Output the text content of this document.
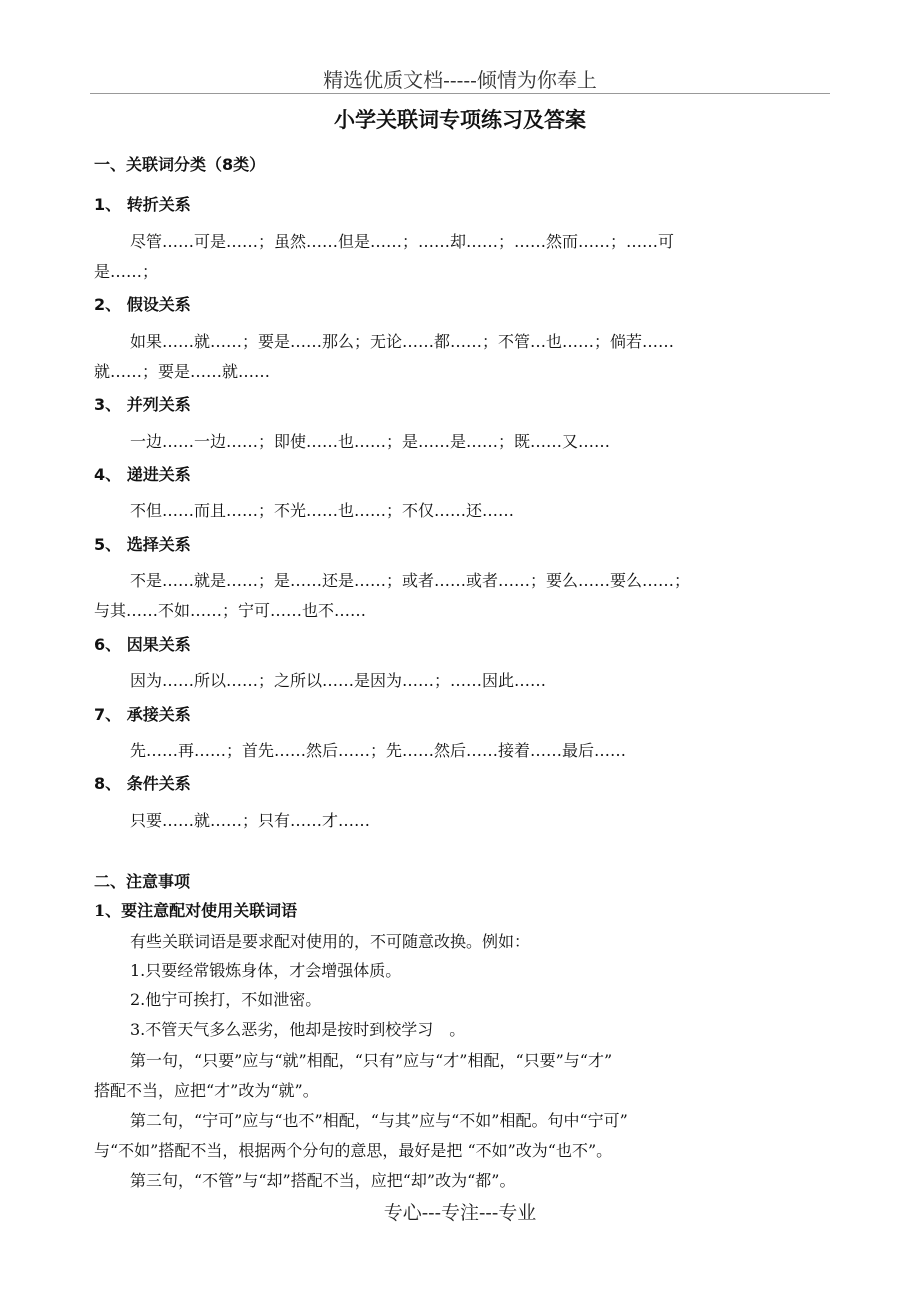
精选优质文档-----倾情为你奉上
小学关联词专项练习及答案
一、关联词分类（8类）
1、 转折关系
尽管……可是……；虽然……但是……；……却……；……然而……；……可
是……；
2、 假设关系
如果……就……；要是……那么；无论……都……；不管…也……；倘若……
就……；要是……就……
3、 并列关系
一边……一边……；即使……也……；是……是……；既……又……
4、 递进关系
不但……而且……；不光……也……；不仅……还……
5、 选择关系
不是……就是……；是……还是……；或者……或者……；要么……要么……；
与其……不如……；宁可……也不……
6、 因果关系
因为……所以……；之所以……是因为……；……因此……
7、 承接关系
先……再……；首先……然后……；先……然后……接着……最后……
8、 条件关系
只要……就……；只有……才……
二、注意事项
1、要注意配对使用关联词语
有些关联词语是要求配对使用的，不可随意改换。例如：
1.只要经常锻炼身体，才会增强体质。
2.他宁可挨打，不如泄密。
3.不管天气多么恶劣，他却是按时到校学习　。
第一句，“只要”应与“就”相配，“只有”应与“才”相配，“只要”与“才”
搭配不当，应把“才”改为“就”。
第二句，“宁可”应与“也不”相配，“与其”应与“不如”相配。句中“宁可”
与“不如”搭配不当，根据两个分句的意思，最好是把 “不如”改为“也不”。
第三句，“不管”与“却”搭配不当，应把“却”改为“都”。
专心---专注---专业
